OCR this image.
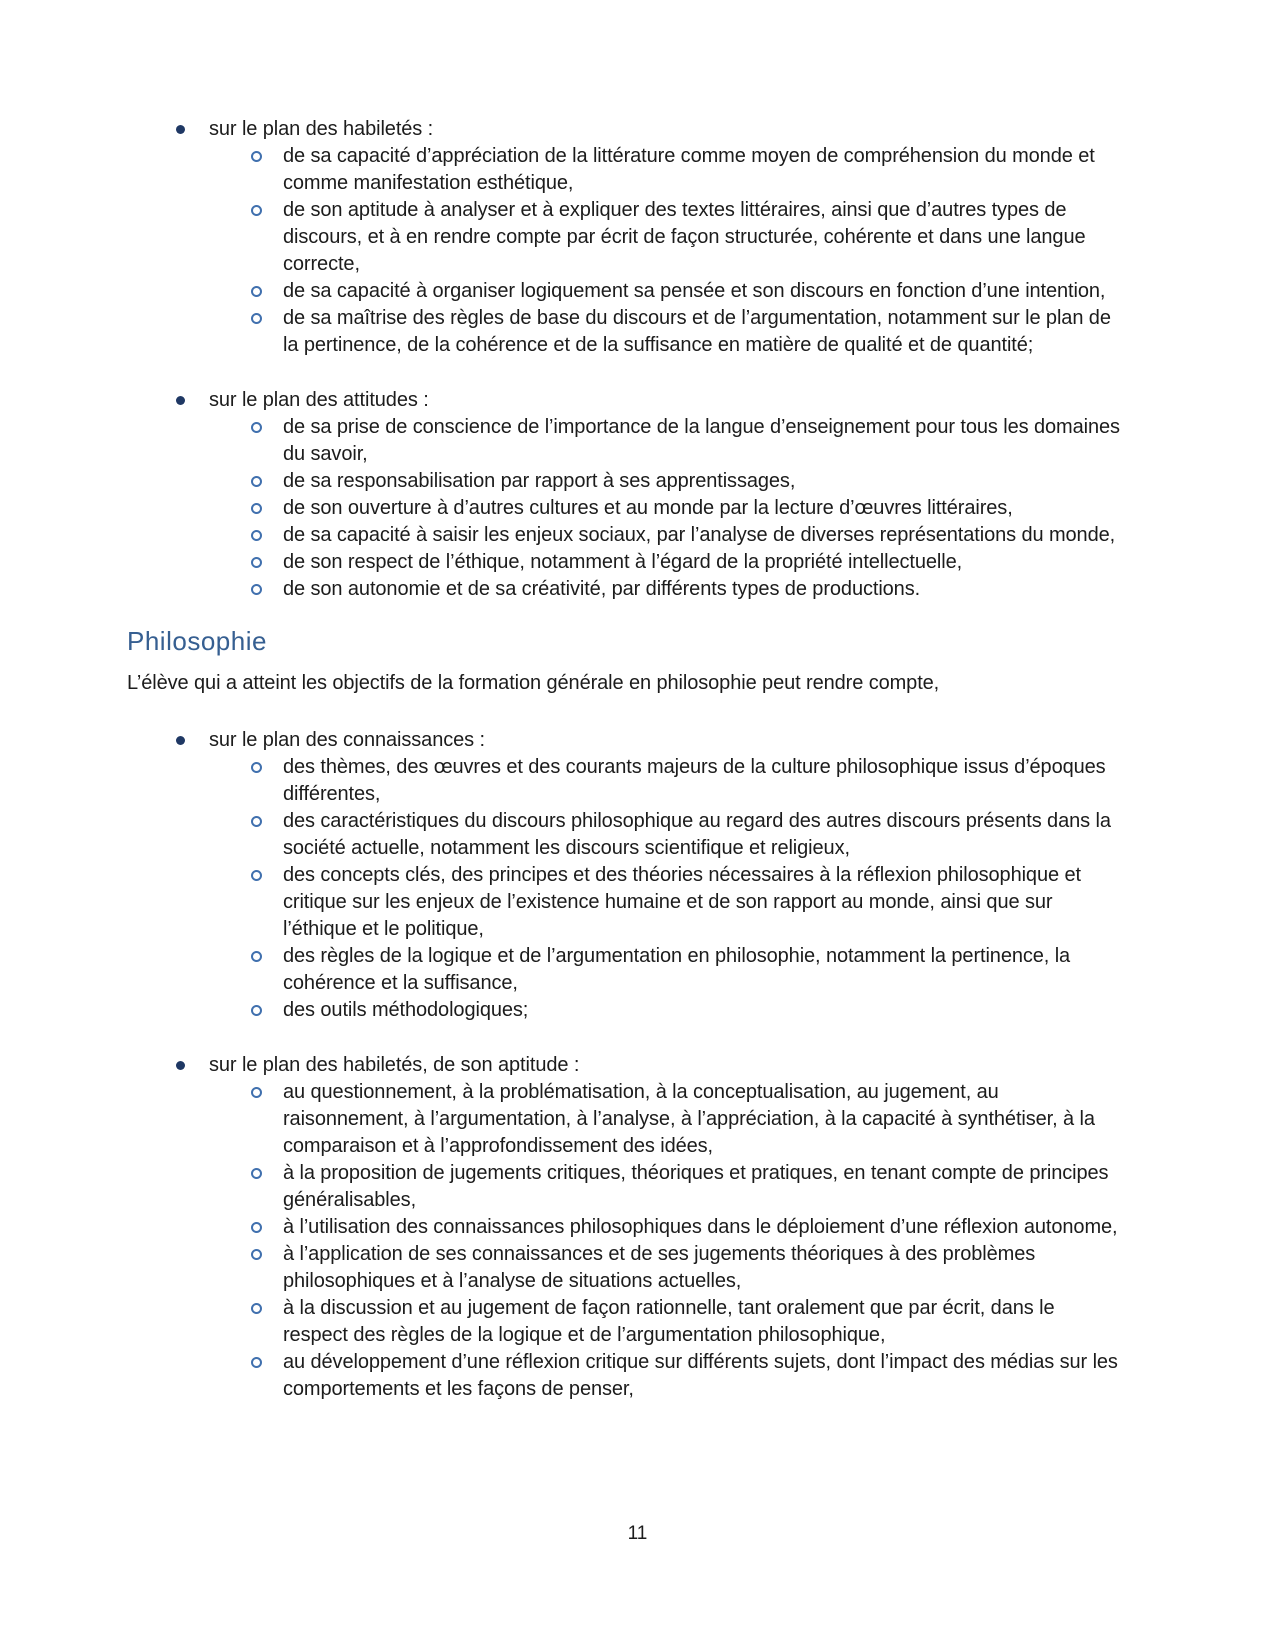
sur le plan des habiletés :
de sa capacité d’appréciation de la littérature comme moyen de compréhension du monde et comme manifestation esthétique,
de son aptitude à analyser et à expliquer des textes littéraires, ainsi que d’autres types de discours, et à en rendre compte par écrit de façon structurée, cohérente et dans une langue correcte,
de sa capacité à organiser logiquement sa pensée et son discours en fonction d’une intention,
de sa maîtrise des règles de base du discours et de l’argumentation, notamment sur le plan de la pertinence, de la cohérence et de la suffisance en matière de qualité et de quantité;
sur le plan des attitudes :
de sa prise de conscience de l’importance de la langue d’enseignement pour tous les domaines du savoir,
de sa responsabilisation par rapport à ses apprentissages,
de son ouverture à d’autres cultures et au monde par la lecture d’œuvres littéraires,
de sa capacité à saisir les enjeux sociaux, par l’analyse de diverses représentations du monde,
de son respect de l’éthique, notamment à l’égard de la propriété intellectuelle,
de son autonomie et de sa créativité, par différents types de productions.
Philosophie

L’élève qui a atteint les objectifs de la formation générale en philosophie peut rendre compte,

sur le plan des connaissances :
des thèmes, des œuvres et des courants majeurs de la culture philosophique issus d’époques différentes,
des caractéristiques du discours philosophique au regard des autres discours présents dans la société actuelle, notamment les discours scientifique et religieux,
des concepts clés, des principes et des théories nécessaires à la réflexion philosophique et critique sur les enjeux de l’existence humaine et de son rapport au monde, ainsi que sur l’éthique et le politique,
des règles de la logique et de l’argumentation en philosophie, notamment la pertinence, la cohérence et la suffisance,
des outils méthodologiques;
sur le plan des habiletés, de son aptitude :
au questionnement, à la problématisation, à la conceptualisation, au jugement, au raisonnement, à l’argumentation, à l’analyse, à l’appréciation, à la capacité à synthétiser, à la comparaison et à l’approfondissement des idées,
à la proposition de jugements critiques, théoriques et pratiques, en tenant compte de principes généralisables,
à l’utilisation des connaissances philosophiques dans le déploiement d’une réflexion autonome,
à l’application de ses connaissances et de ses jugements théoriques à des problèmes philosophiques et à l’analyse de situations actuelles,
à la discussion et au jugement de façon rationnelle, tant oralement que par écrit, dans le respect des règles de la logique et de l’argumentation philosophique,
au développement d’une réflexion critique sur différents sujets, dont l’impact des médias sur les comportements et les façons de penser,
11
